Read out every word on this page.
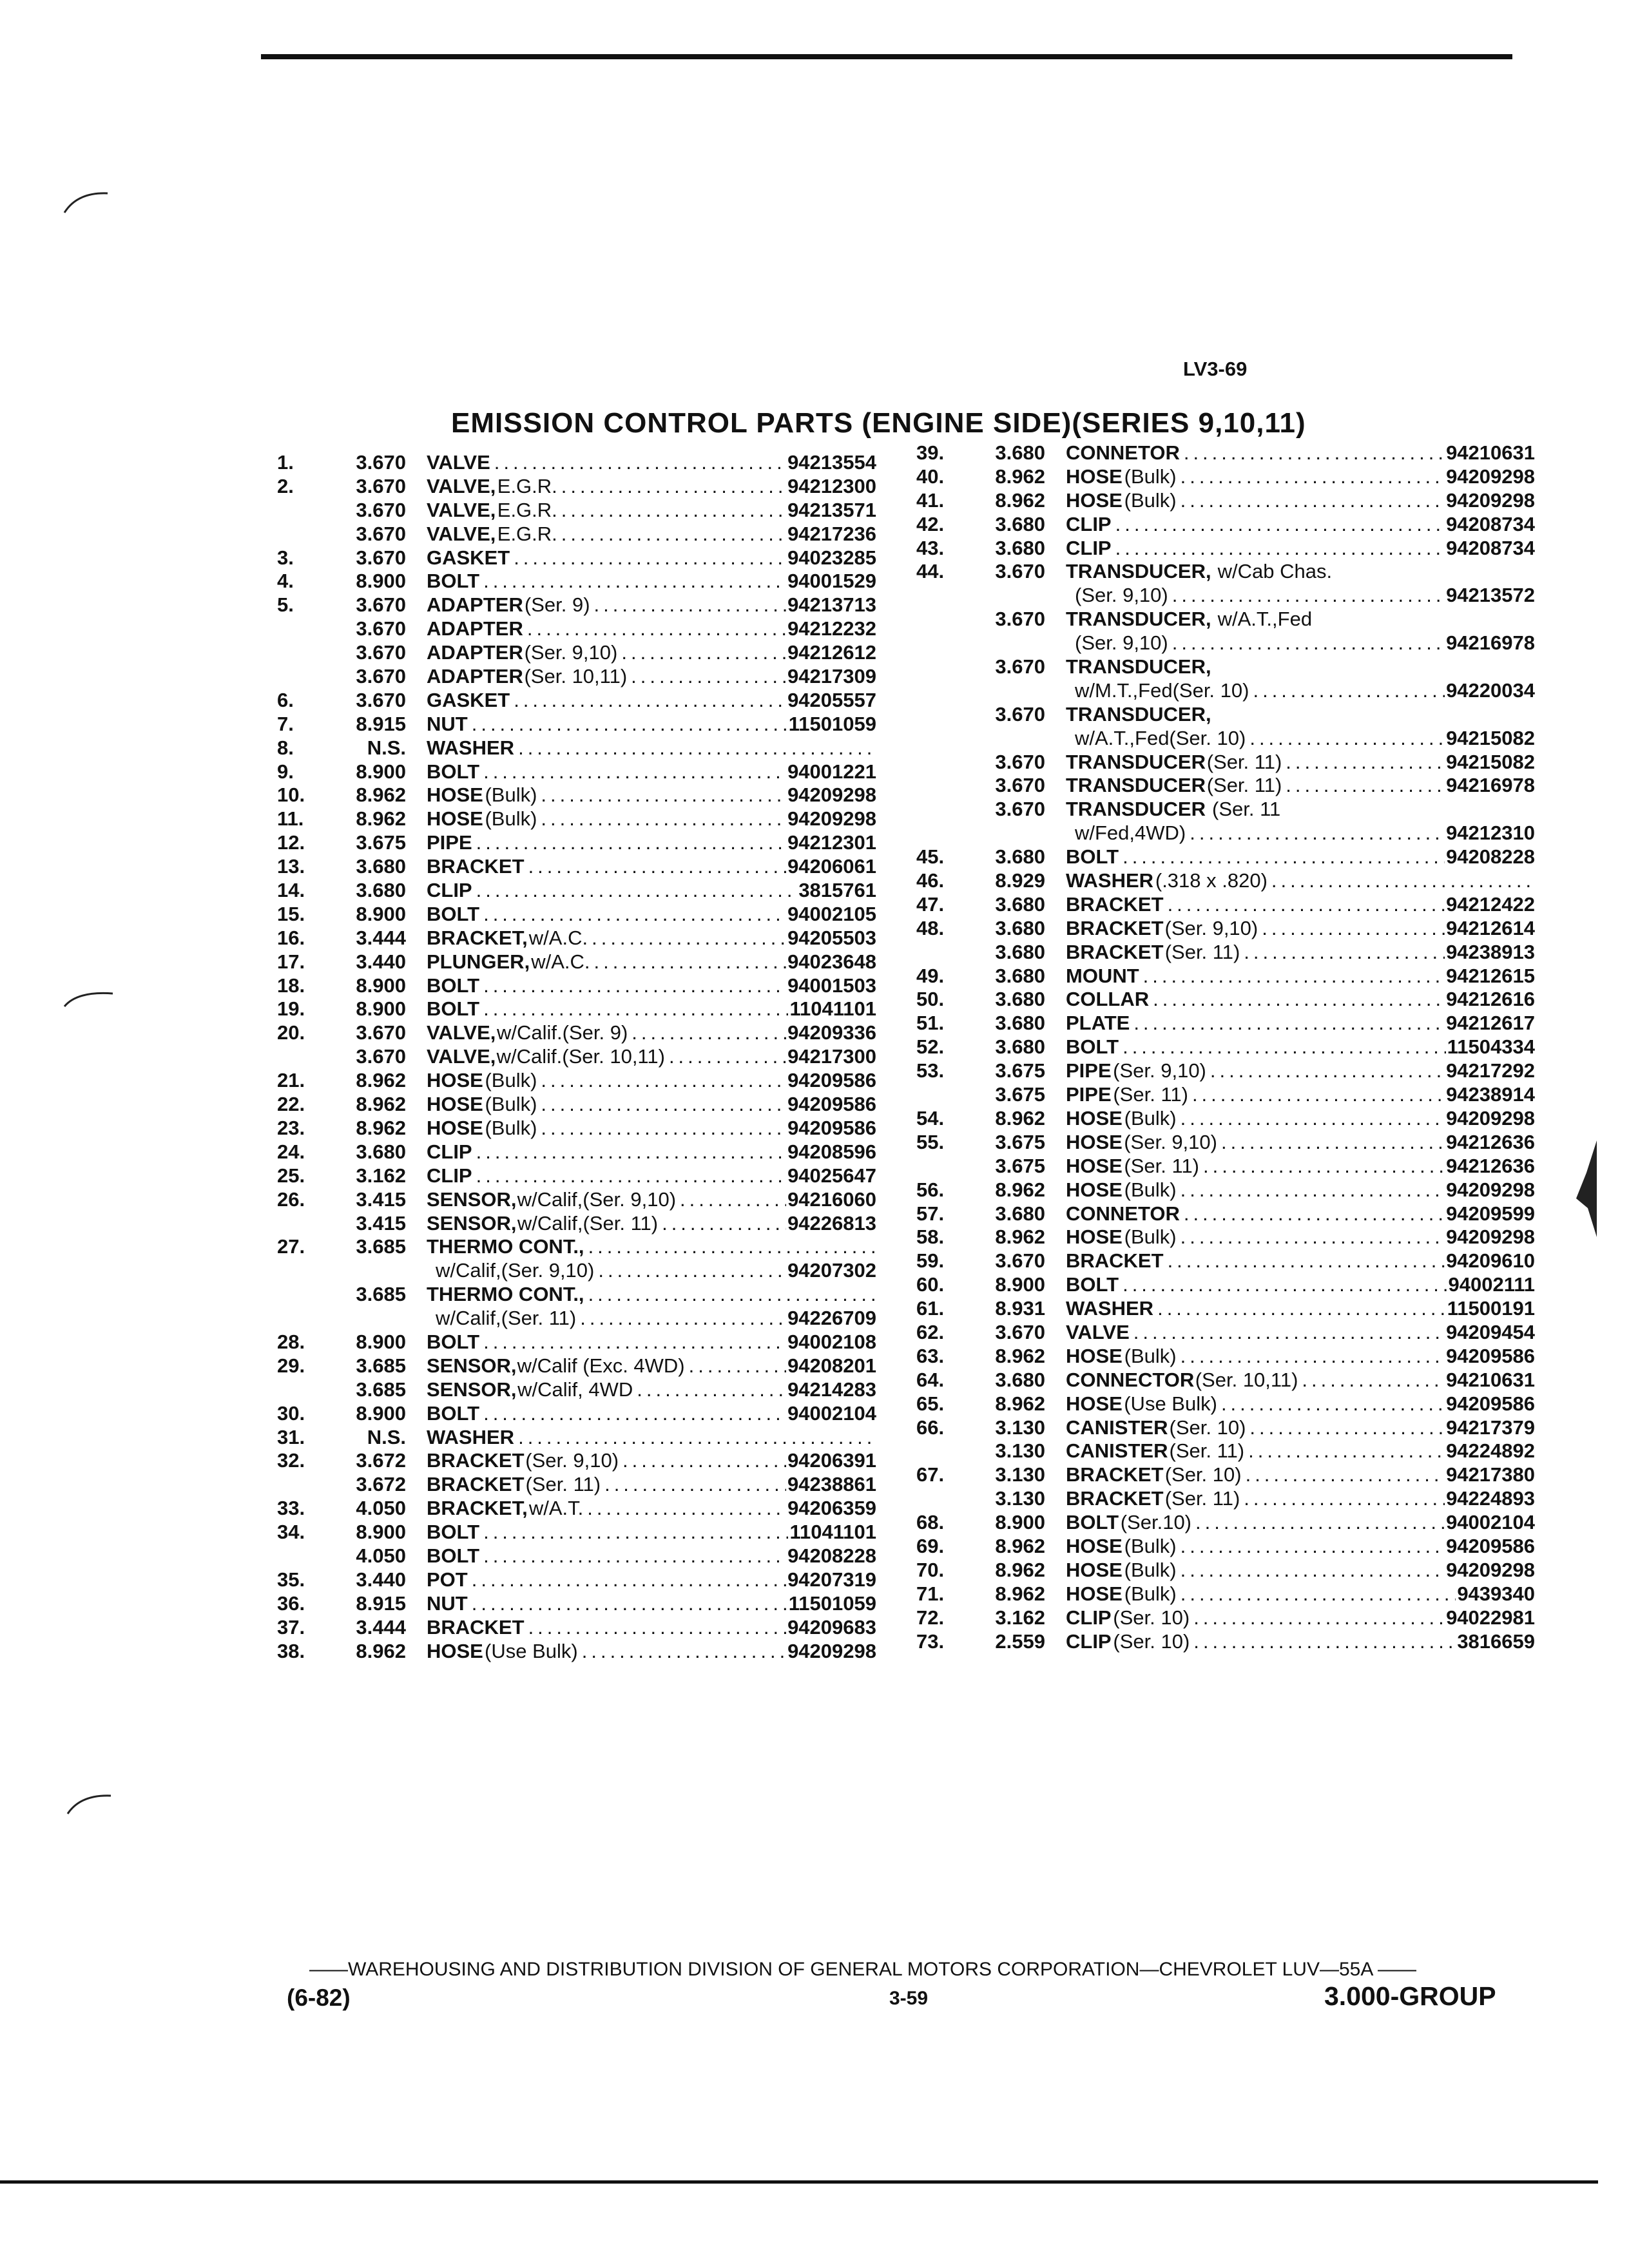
LV3-69
EMISSION CONTROL PARTS (ENGINE SIDE)(SERIES 9,10,11)
1.	3.670 VALVE .....	94213554
2.	3.670 VALVE, E.G.R. .....	94212300
3.670 VALVE, E.G.R. .....	94213571
3.670 VALVE, E.G.R. .....	94217236
3.	3.670 GASKET .....	94023285
4.	8.900 BOLT .....	94001529
5.	3.670 ADAPTER (Ser. 9) .....	94213713
3.670 ADAPTER .....	94212232
3.670 ADAPTER (Ser. 9,10) .....	94212612
3.670 ADAPTER (Ser. 10,11) .....	94217309
6.	3.670 GASKET .....	94205557
7.	8.915 NUT .....	11501059
8.	N.S. WASHER
.....
9.	8.900 BOLT .....	94001221
10.	8.962 HOSE (Bulk) .....	94209298
11.	8.962 HOSE (Bulk) .....	94209298
12.	3.675 PIPE .....	94212301
13.	3.680 BRACKET .....	94206061
14.	3.680 CLIP .....	3815761
15.	8.900 BOLT .....	94002105
16.	3.444 BRACKET, w/A.C. .....	94205503
17.	3.440 PLUNGER, w/A.C. .....	94023648
18.	8.900 BOLT .....	94001503
19.	8.900 BOLT .....	11041101
20.	3.670 VALVE, w/Calif.(Ser. 9) .....	94209336
3.670 VALVE, w/Calif.(Ser. 10,11) .....	94217300
21.	8.962 HOSE (Bulk) .....	94209586
22.	8.962 HOSE (Bulk) .....	94209586
23.	8.962 HOSE (Bulk) .....	94209586
24.	3.680 CLIP .....	94208596
25.	3.162 CLIP .....	94025647
26.	3.415 SENSOR, w/Calif,(Ser. 9,10) .....	94216060
3.415 SENSOR, w/Calif,(Ser. 11) .....	94226813
27.	3.685 THERMO CONT.,
.....
w/Calif,(Ser. 9,10) .....	94207302
3.685 THERMO CONT.,
.....
w/Calif,(Ser. 11) .....	94226709
28.	8.900 BOLT .....	94002108
29.	3.685 SENSOR, w/Calif (Exc. 4WD) .....	94208201
3.685 SENSOR, w/Calif, 4WD .....	94214283
30.	8.900 BOLT .....	94002104
31.	N.S. WASHER
.....
32.	3.672 BRACKET (Ser. 9,10) .....	94206391
3.672 BRACKET (Ser. 11) .....	94238861
33.	4.050 BRACKET, w/A.T. .....	94206359
34.	8.900 BOLT .....	11041101
4.050 BOLT .....	94208228
35.	3.440 POT .....	94207319
36.	8.915 NUT .....	11501059
37.	3.444 BRACKET .....	94209683
38.	8.962 HOSE (Use Bulk) .....	94209298
39.	3.680 CONNETOR .....	94210631
40.	8.962 HOSE (Bulk) .....	94209298
41.	8.962 HOSE (Bulk) .....	94209298
42.	3.680 CLIP .....	94208734
43.	3.680 CLIP .....	94208734
44.	3.670 TRANSDUCER, w/Cab Chas.
(Ser. 9,10) .....	94213572
3.670 TRANSDUCER, w/A.T.,Fed
(Ser. 9,10) .....	94216978
3.670 TRANSDUCER,
w/M.T.,Fed(Ser. 10) .....	94220034
3.670 TRANSDUCER,
w/A.T.,Fed(Ser. 10) .....	94215082
3.670 TRANSDUCER (Ser. 11) .....	94215082
3.670 TRANSDUCER (Ser. 11) .....	94216978
3.670 TRANSDUCER (Ser. 11
w/Fed,4WD) .....	94212310
45.	3.680 BOLT .....	94208228
46.	8.929 WASHER (.318 x .820)
.....
47.	3.680 BRACKET .....	94212422
48.	3.680 BRACKET (Ser. 9,10) .....	94212614
3.680 BRACKET (Ser. 11) .....	94238913
49.	3.680 MOUNT .....	94212615
50.	3.680 COLLAR .....	94212616
51.	3.680 PLATE .....	94212617
52.	3.680 BOLT .....	11504334
53.	3.675 PIPE (Ser. 9,10) .....	94217292
3.675 PIPE (Ser. 11) .....	94238914
54.	8.962 HOSE (Bulk) .....	94209298
55.	3.675 HOSE (Ser. 9,10) .....	94212636
3.675 HOSE (Ser. 11) .....	94212636
56.	8.962 HOSE (Bulk) .....	94209298
57.	3.680 CONNETOR .....	94209599
58.	8.962 HOSE (Bulk) .....	94209298
59.	3.670 BRACKET .....	94209610
60.	8.900 BOLT .....	94002111
61.	8.931 WASHER .....	11500191
62.	3.670 VALVE .....	94209454
63.	8.962 HOSE (Bulk) .....	94209586
64.	3.680 CONNECTOR (Ser. 10,11) .....	94210631
65.	8.962 HOSE (Use Bulk) .....	94209586
66.	3.130 CANISTER (Ser. 10) .....	94217379
3.130 CANISTER (Ser. 11) .....	94224892
67.	3.130 BRACKET (Ser. 10) .....	94217380
3.130 BRACKET (Ser. 11) .....	94224893
68.	8.900 BOLT (Ser.10) .....	94002104
69.	8.962 HOSE (Bulk) .....	94209586
70.	8.962 HOSE (Bulk) .....	94209298
71.	8.962 HOSE (Bulk) .....	9439340
72.	3.162 CLIP (Ser. 10) .....	94022981
73.	2.559 CLIP (Ser. 10) .....	3816659
——WAREHOUSING AND DISTRIBUTION DIVISION OF GENERAL MOTORS CORPORATION—CHEVROLET LUV—55A ——
(6-82)	3-59	3.000-GROUP
